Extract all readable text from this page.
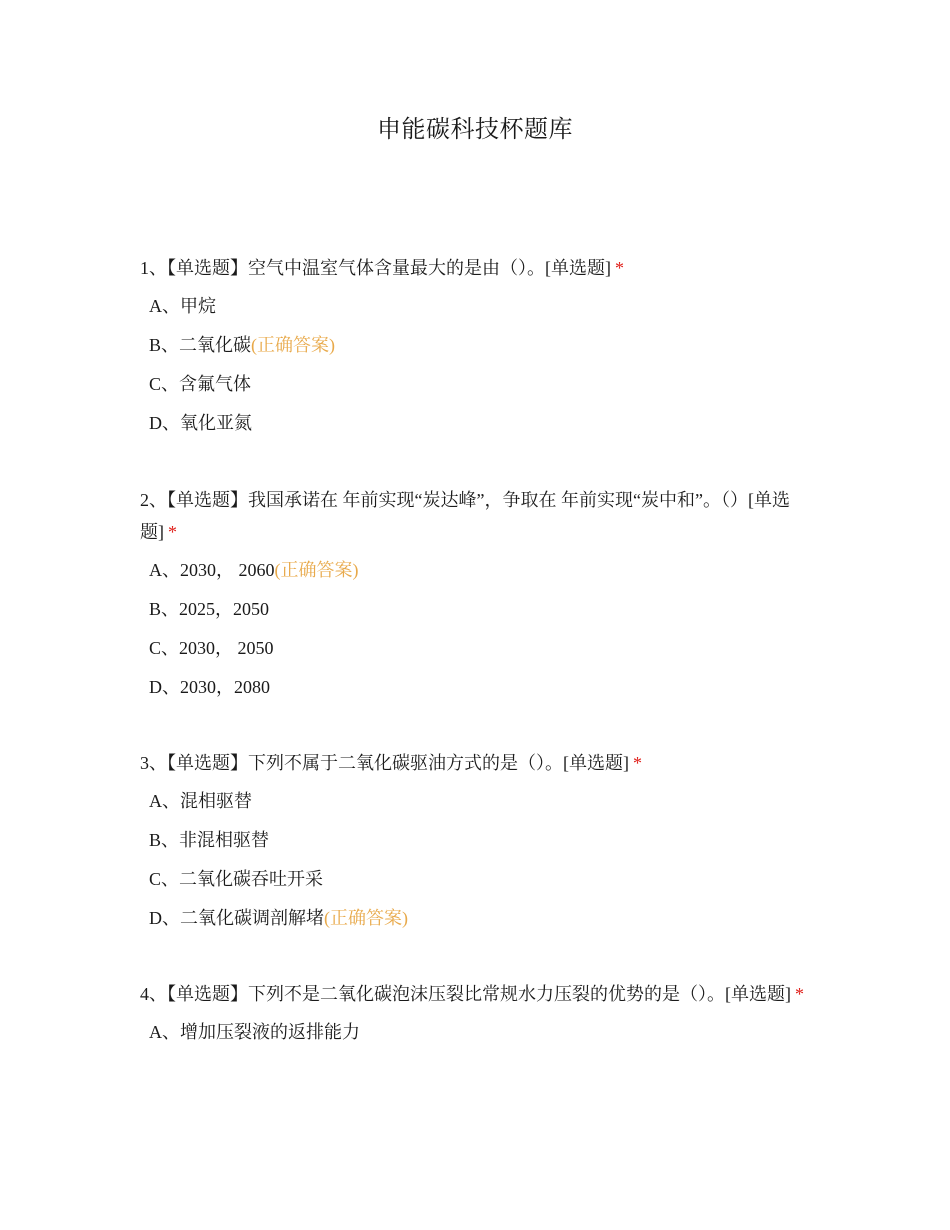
申能碳科技杯题库

1、【单选题】空气中温室气体含量最大的是由（）。[单选题] *

A、甲烷

B、二氧化碳(正确答案)

C、含氟气体

D、氧化亚氮

2、【单选题】我国承诺在 年前实现“炭达峰”，争取在 年前实现“炭中和”。（）[单选题] *

A、2030， 2060(正确答案)

B、2025，2050

C、2030， 2050

D、2030，2080

3、【单选题】下列不属于二氧化碳驱油方式的是（）。[单选题] *

A、混相驱替

B、非混相驱替

C、二氧化碳吞吐开采

D、二氧化碳调剖解堵(正确答案)

4、【单选题】下列不是二氧化碳泡沫压裂比常规水力压裂的优势的是（）。[单选题] *

A、增加压裂液的返排能力
